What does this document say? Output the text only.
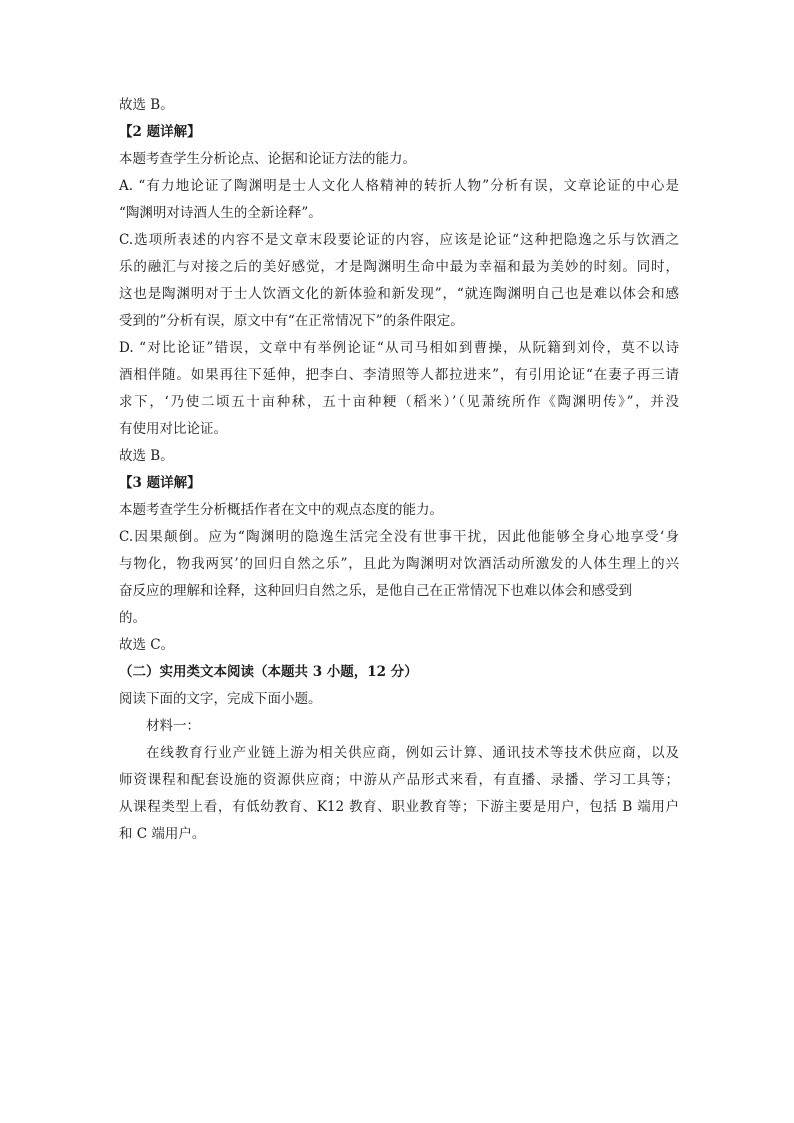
故选 B。
【2 题详解】
本题考查学生分析论点、论据和论证方法的能力。
A. “有力地论证了陶渊明是士人文化人格精神的转折人物”分析有误，文章论证的中心是
“陶渊明对诗酒人生的全新诠释”。
C.选项所表述的内容不是文章末段要论证的内容，应该是论证“这种把隐逸之乐与饮酒之
乐的融汇与对接之后的美好感觉，才是陶渊明生命中最为幸福和最为美妙的时刻。同时，
这也是陶渊明对于士人饮酒文化的新体验和新发现”，“就连陶渊明自己也是难以体会和感
受到的”分析有误，原文中有“在正常情况下”的条件限定。
D. “对比论证”错误，文章中有举例论证“从司马相如到曹操，从阮籍到刘伶，莫不以诗
酒相伴随。如果再往下延伸，把李白、李清照等人都拉进来”，有引用论证“在妻子再三请
求下，‘乃使二顷五十亩种秫，五十亩种粳（稻米）’（见萧统所作《陶渊明传》”，并没
有使用对比论证。
故选 B。
【3 题详解】
本题考查学生分析概括作者在文中的观点态度的能力。
C.因果颠倒。应为“陶渊明的隐逸生活完全没有世事干扰，因此他能够全身心地享受‘身
与物化，物我两冥’的回归自然之乐”，且此为陶渊明对饮酒活动所激发的人体生理上的兴
奋反应的理解和诠释，这种回归自然之乐，是他自己在正常情况下也难以体会和感受到
的。
故选 C。
（二）实用类文本阅读（本题共 3 小题，12 分）
阅读下面的文字，完成下面小题。
材料一：
在线教育行业产业链上游为相关供应商，例如云计算、通讯技术等技术供应商，以及
师资课程和配套设施的资源供应商；中游从产品形式来看，有直播、录播、学习工具等；
从课程类型上看，有低幼教育、K12 教育、职业教育等；下游主要是用户，包括 B 端用户
和 C 端用户。
